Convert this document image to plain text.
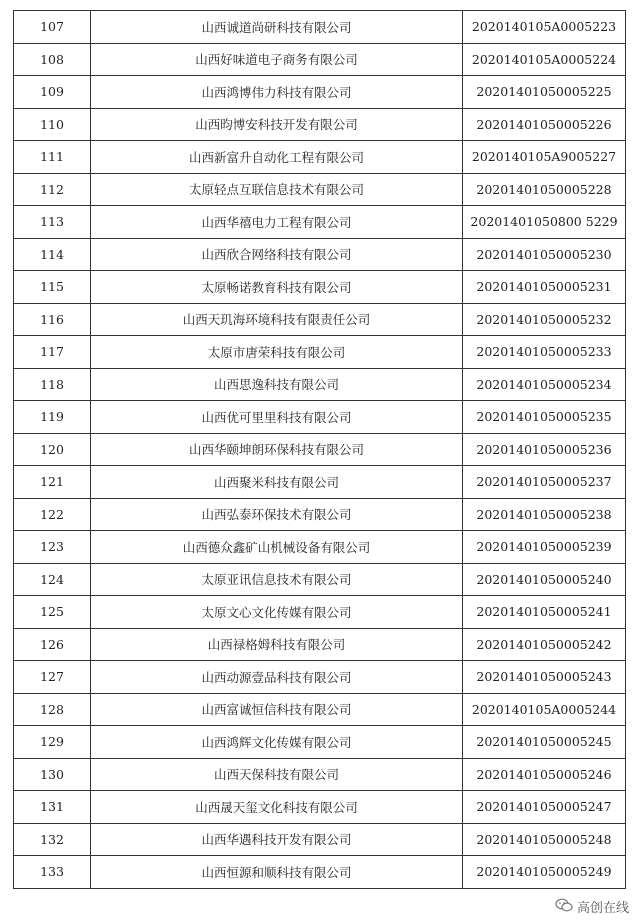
107	山西诚道尚研科技有限公司	2020140105A0005223
108	山西好味道电子商务有限公司	2020140105A0005224
109	山西鸿博伟力科技有限公司	20201401050005225
110	山西昀博安科技开发有限公司	20201401050005226
111	山西新富升自动化工程有限公司	2020140105A9005227
112	太原轻点互联信息技术有限公司	20201401050005228
113	山西华禧电力工程有限公司	20201401050800 5229
114	山西欣合网络科技有限公司	20201401050005230
115	太原畅诺教育科技有限公司	20201401050005231
116	山西天玑海环境科技有限责任公司	20201401050005232
117	太原市唐荣科技有限公司	20201401050005233
118	山西思逸科技有限公司	20201401050005234
119	山西优可里里科技有限公司	20201401050005235
120	山西华颐坤朗环保科技有限公司	20201401050005236
121	山西聚米科技有限公司	20201401050005237
122	山西弘泰环保技术有限公司	20201401050005238
123	山西德众鑫矿山机械设备有限公司	20201401050005239
124	太原亚讯信息技术有限公司	20201401050005240
125	太原文心文化传媒有限公司	20201401050005241
126	山西禄格姆科技有限公司	20201401050005242
127	山西动源壹品科技有限公司	20201401050005243
128	山西富诚恒信科技有限公司	2020140105A0005244
129	山西鸿辉文化传媒有限公司	20201401050005245
130	山西天保科技有限公司	20201401050005246
131	山西晟天玺文化科技有限公司	20201401050005247
132	山西华遇科技开发有限公司	20201401050005248
133	山西恒源和顺科技有限公司	20201401050005249
高创在线
